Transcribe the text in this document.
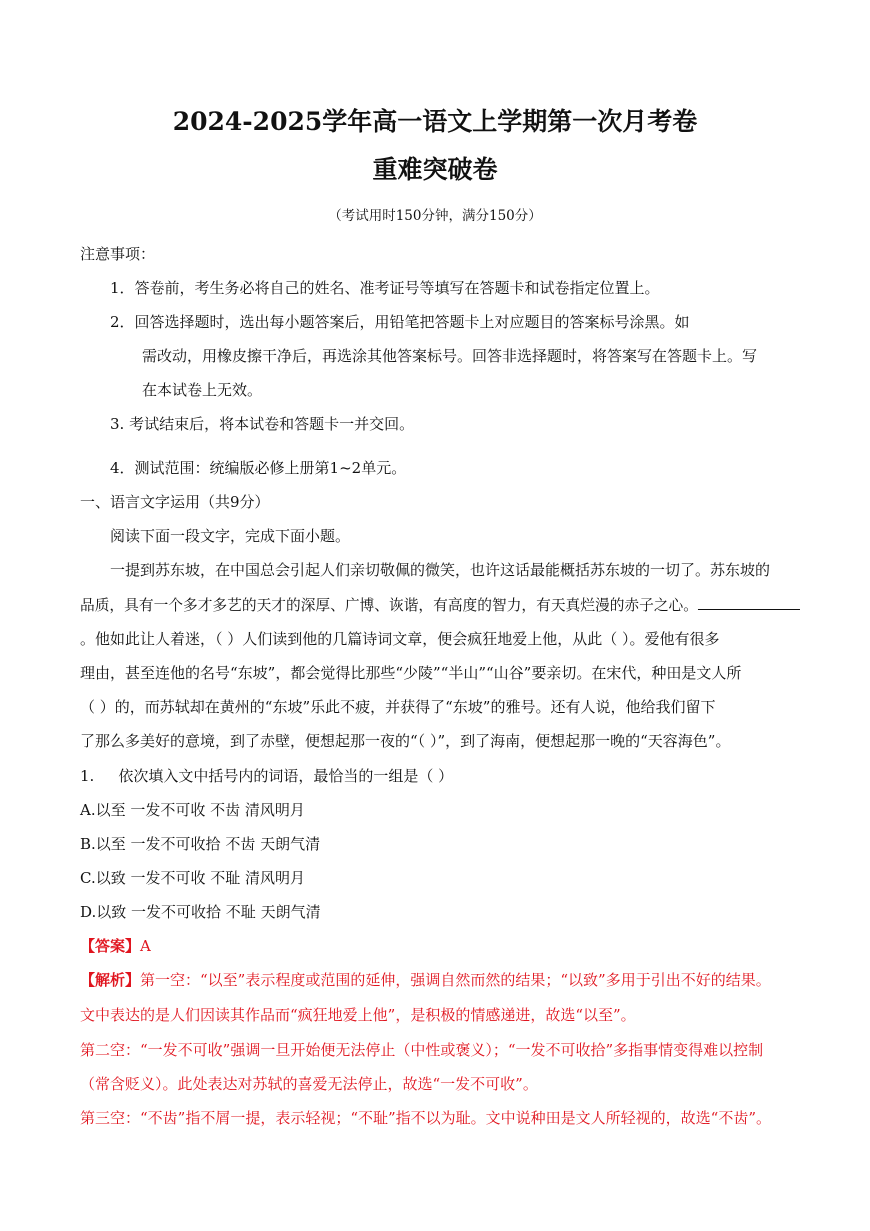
2024-2025学年高一语文上学期第一次月考卷
重难突破卷
（考试用时150分钟，满分150分）
注意事项：
1．答卷前，考生务必将自己的姓名、准考证号等填写在答题卡和试卷指定位置上。
2．回答选择题时，选出每小题答案后，用铅笔把答题卡上对应题目的答案标号涂黑。如
需改动，用橡皮擦干净后，再选涂其他答案标号。回答非选择题时，将答案写在答题卡上。写
在本试卷上无效。
3. 考试结束后，将本试卷和答题卡一并交回。
4．测试范围：统编版必修上册第1~2单元。
一、语言文字运用（共9分）
阅读下面一段文字，完成下面小题。
一提到苏东坡，在中国总会引起人们亲切敬佩的微笑，也许这话最能概括苏东坡的一切了。苏东坡的
品质，具有一个多才多艺的天才的深厚、广博、诙谐，有高度的智力，有天真烂漫的赤子之心。
。他如此让人着迷，（ ）人们读到他的几篇诗词文章，便会疯狂地爱上他，从此（ ）。爱他有很多
理由，甚至连他的名号“东坡”，都会觉得比那些“少陵”“半山”“山谷”要亲切。在宋代，种田是文人所
（ ）的，而苏轼却在黄州的“东坡”乐此不疲，并获得了“东坡”的雅号。还有人说，他给我们留下
了那么多美好的意境，到了赤壁，便想起那一夜的“（ ）”，到了海南，便想起那一晚的“天容海色”。
1. 依次填入文中括号内的词语，最恰当的一组是（ ）
A.以至 一发不可收 不齿 清风明月
B.以至 一发不可收拾 不齿 天朗气清
C.以致 一发不可收 不耻 清风明月
D.以致 一发不可收拾 不耻 天朗气清
【答案】A
【解析】第一空：“以至”表示程度或范围的延伸，强调自然而然的结果；“以致”多用于引出不好的结果。
文中表达的是人们因读其作品而“疯狂地爱上他”，是积极的情感递进，故选“以至”。
第二空：“一发不可收”强调一旦开始便无法停止（中性或褒义）；“一发不可收拾”多指事情变得难以控制
（常含贬义）。此处表达对苏轼的喜爱无法停止，故选“一发不可收”。
第三空：“不齿”指不屑一提，表示轻视；“不耻”指不以为耻。文中说种田是文人所轻视的，故选“不齿”。
